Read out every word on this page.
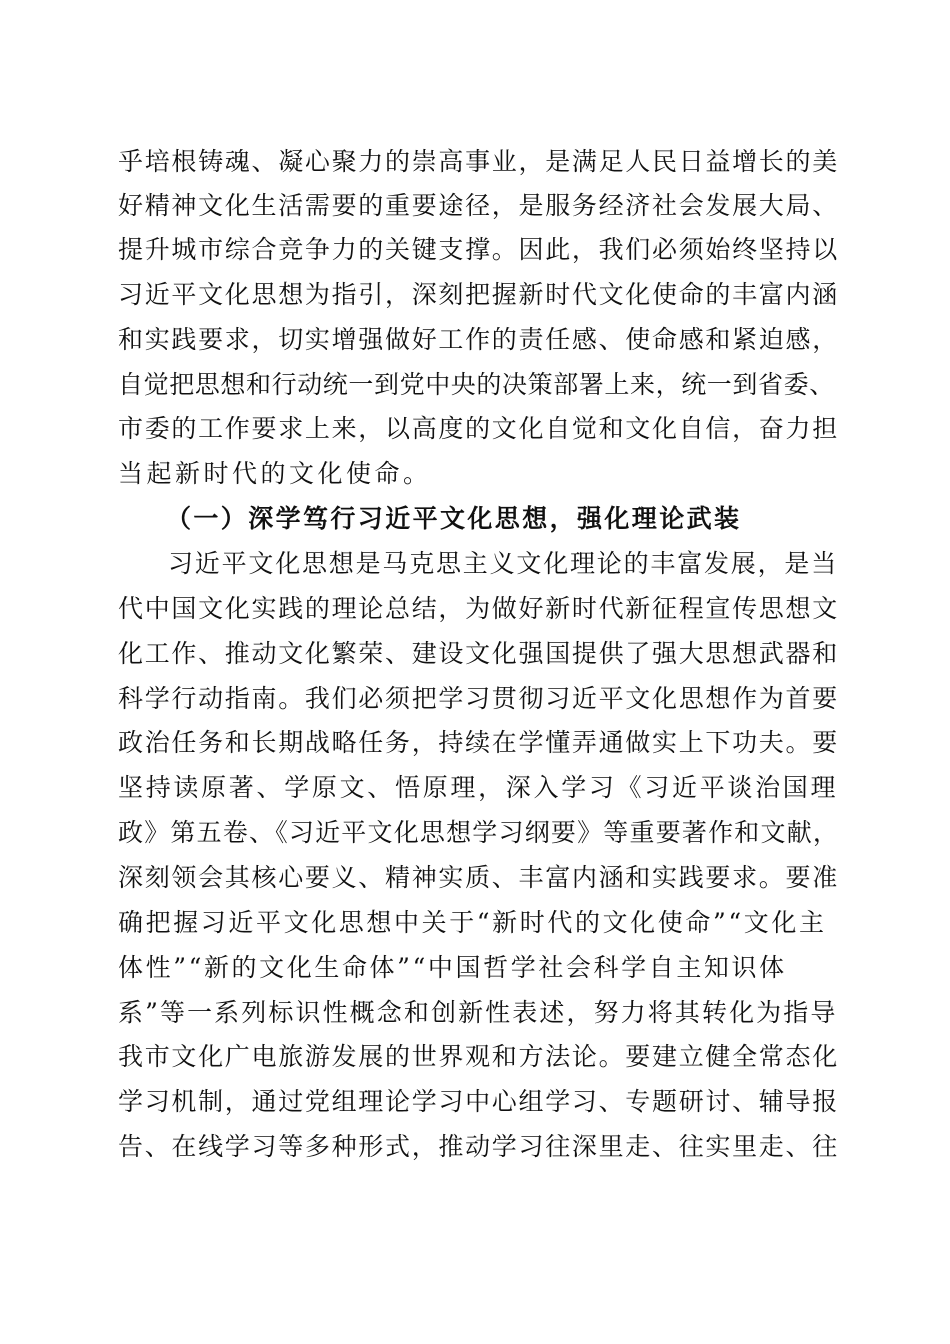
乎培根铸魂、凝心聚力的崇高事业，是满足人民日益增长的美
好精神文化生活需要的重要途径，是服务经济社会发展大局、
提升城市综合竞争力的关键支撑。因此，我们必须始终坚持以
习近平文化思想为指引，深刻把握新时代文化使命的丰富内涵
和实践要求，切实增强做好工作的责任感、使命感和紧迫感，
自觉把思想和行动统一到党中央的决策部署上来，统一到省委、
市委的工作要求上来，以高度的文化自觉和文化自信，奋力担
当起新时代的文化使命。
（一）深学笃行习近平文化思想，强化理论武装
习近平文化思想是马克思主义文化理论的丰富发展，是当
代中国文化实践的理论总结，为做好新时代新征程宣传思想文
化工作、推动文化繁荣、建设文化强国提供了强大思想武器和
科学行动指南。我们必须把学习贯彻习近平文化思想作为首要
政治任务和长期战略任务，持续在学懂弄通做实上下功夫。要
坚持读原著、学原文、悟原理，深入学习《习近平谈治国理
政》第五卷、《习近平文化思想学习纲要》等重要著作和文献，
深刻领会其核心要义、精神实质、丰富内涵和实践要求。要准
确把握习近平文化思想中关于“新时代的文化使命”“文化主
体性”“新的文化生命体”“中国哲学社会科学自主知识体
系”等一系列标识性概念和创新性表述，努力将其转化为指导
我市文化广电旅游发展的世界观和方法论。要建立健全常态化
学习机制，通过党组理论学习中心组学习、专题研讨、辅导报
告、在线学习等多种形式，推动学习往深里走、往实里走、往
